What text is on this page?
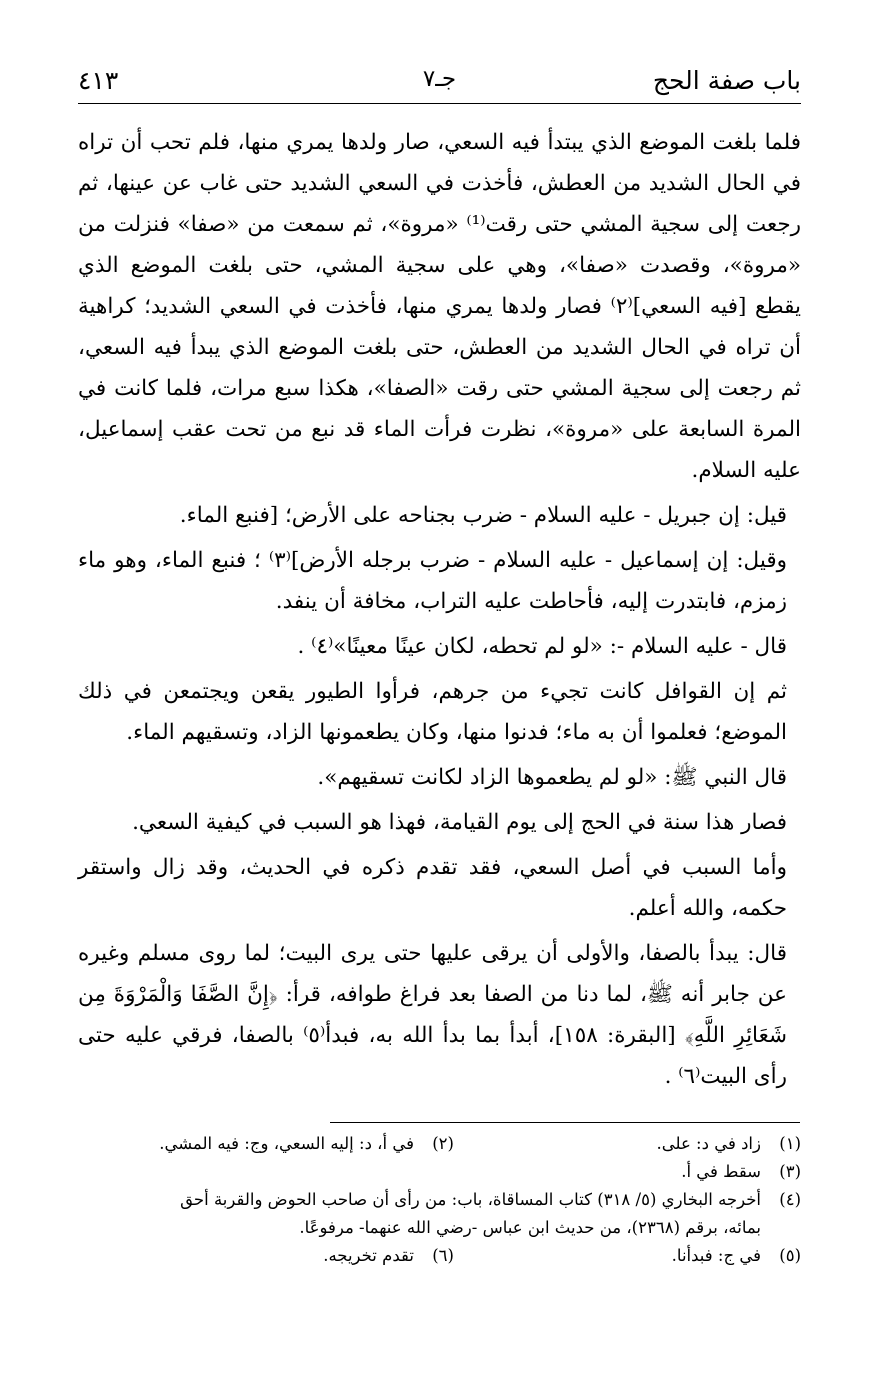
باب صفة الحج
جـ٧
٤١٣

فلما بلغت الموضع الذي يبتدأ فيه السعي، صار ولدها يمري منها، فلم تحب أن تراه في الحال الشديد من العطش، فأخذت في السعي الشديد حتى غاب عن عينها، ثم رجعت إلى سجية المشي حتى رقت⁽¹⁾ «مروة»، ثم سمعت من «صفا» فنزلت من «مروة»، وقصدت «صفا»، وهي على سجية المشي، حتى بلغت الموضع الذي يقطع [فيه السعي]⁽٢⁾ فصار ولدها يمري منها، فأخذت في السعي الشديد؛ كراهية أن تراه في الحال الشديد من العطش، حتى بلغت الموضع الذي يبدأ فيه السعي، ثم رجعت إلى سجية المشي حتى رقت «الصفا»، هكذا سبع مرات، فلما كانت في المرة السابعة على «مروة»، نظرت فرأت الماء قد نبع من تحت عقب إسماعيل، عليه السلام.

قيل: إن جبريل - عليه السلام - ضرب بجناحه على الأرض؛ [فنبع الماء.

وقيل: إن إسماعيل - عليه السلام - ضرب برجله الأرض]⁽٣⁾ ؛ فنبع الماء، وهو ماء زمزم، فابتدرت إليه، فأحاطت عليه التراب، مخافة أن ينفد.

قال - عليه السلام -: «لو لم تحطه، لكان عينًا معينًا»⁽٤⁾ .

ثم إن القوافل كانت تجيء من جرهم، فرأوا الطيور يقعن ويجتمعن في ذلك الموضع؛ فعلموا أن به ماء؛ فدنوا منها، وكان يطعمونها الزاد، وتسقيهم الماء.

قال النبي ﷺ: «لو لم يطعموها الزاد لكانت تسقيهم».

فصار هذا سنة في الحج إلى يوم القيامة، فهذا هو السبب في كيفية السعي.

وأما السبب في أصل السعي، فقد تقدم ذكره في الحديث، وقد زال واستقر حكمه، والله أعلم.

قال: يبدأ بالصفا، والأولى أن يرقى عليها حتى يرى البيت؛ لما روى مسلم وغيره عن جابر أنه ﷺ، لما دنا من الصفا بعد فراغ طوافه، قرأ: ﴿إِنَّ الصَّفَا وَالْمَرْوَةَ مِن شَعَائِرِ اللَّهِ﴾ [البقرة: ١٥٨]، أبدأ بما بدأ الله به، فبدأ⁽٥⁾ بالصفا، فرقي عليه حتى رأى البيت⁽٦⁾ .

(١)
زاد في د: على.
(٢)
في أ، د: إليه السعي، وج: فيه المشي.
(٣)
سقط في أ.
(٤)
أخرجه البخاري (٥/ ٣١٨) كتاب المساقاة، باب: من رأى أن صاحب الحوض والقربة أحق
بمائه، برقم (٢٣٦٨)، من حديث ابن عباس -رضي الله عنهما- مرفوعًا.
(٥)
في ج: فبدأنا.
(٦)
تقدم تخريجه.
